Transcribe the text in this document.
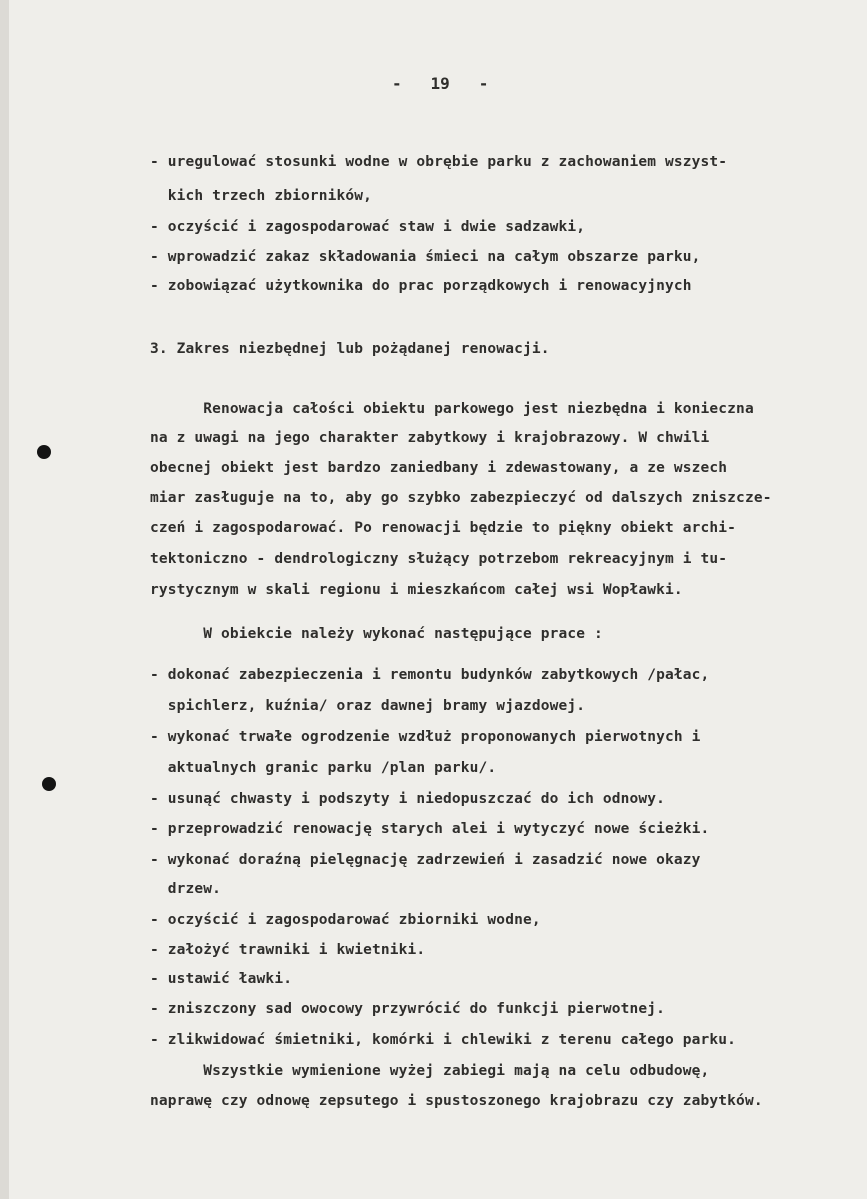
-   19   -
- uregulować stosunki wodne w obrębie parku z zachowaniem wszyst-
kich trzech zbiorników,
- oczyścić i zagospodarować staw i dwie sadzawki,
- wprowadzić zakaz składowania śmieci na całym obszarze parku,
- zobowiązać użytkownika do prac porządkowych i renowacyjnych
3. Zakres niezbędnej lub pożądanej renowacji.
Renowacja całości obiektu parkowego jest niezbędna i konieczna
na z uwagi na jego charakter zabytkowy i krajobrazowy. W chwili
obecnej obiekt jest bardzo zaniedbany i zdewastowany, a ze wszech
miar zasługuje na to, aby go szybko zabezpieczyć od dalszych zniszcze-
czeń i zagospodarować. Po renowacji będzie to piękny obiekt archi-
tektoniczno - dendrologiczny służący potrzebom rekreacyjnym i tu-
rystycznym w skali regionu i mieszkańcom całej wsi Wopławki.
W obiekcie należy wykonać następujące prace :
- dokonać zabezpieczenia i remontu budynków zabytkowych /pałac,
spichlerz, kuźnia/ oraz dawnej bramy wjazdowej.
- wykonać trwałe ogrodzenie wzdłuż proponowanych pierwotnych i
aktualnych granic parku /plan parku/.
- usunąć chwasty i podszyty i niedopuszczać do ich odnowy.
- przeprowadzić renowację starych alei i wytyczyć nowe ścieżki.
- wykonać doraźną pielęgnację zadrzewień i zasadzić nowe okazy
drzew.
- oczyścić i zagospodarować zbiorniki wodne,
- założyć trawniki i kwietniki.
- ustawić ławki.
- zniszczony sad owocowy przywrócić do funkcji pierwotnej.
- zlikwidować śmietniki, komórki i chlewiki z terenu całego parku.
Wszystkie wymienione wyżej zabiegi mają na celu odbudowę,
naprawę czy odnowę zepsutego i spustoszonego krajobrazu czy zabytków.
